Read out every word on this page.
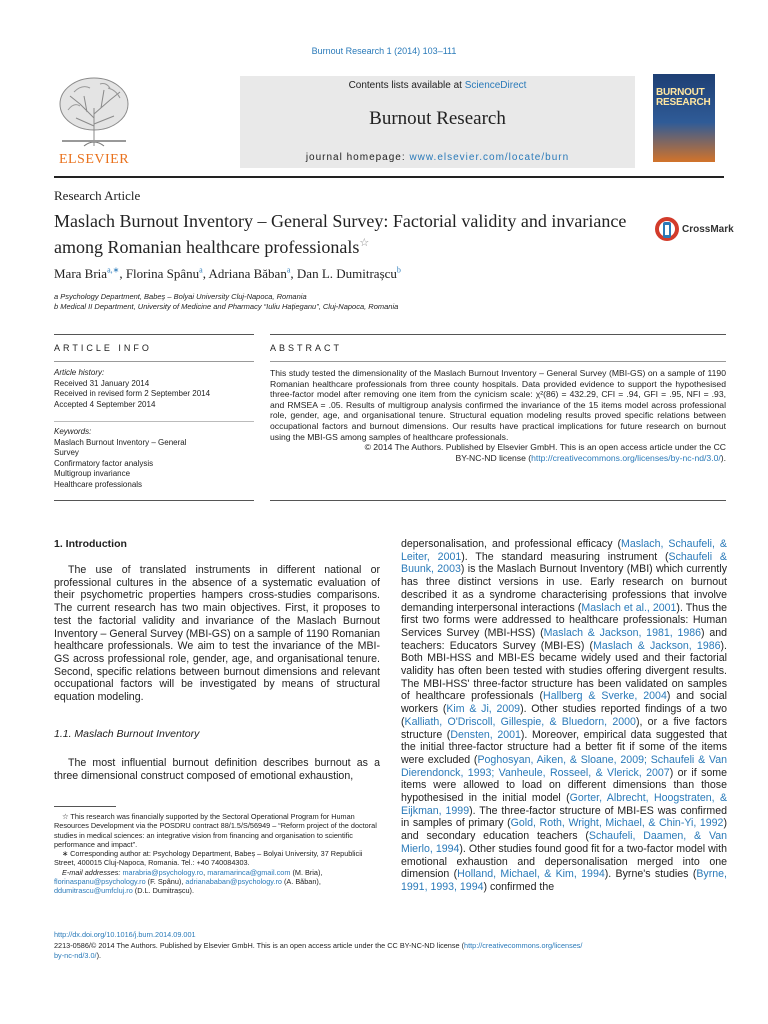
Burnout Research 1 (2014) 103–111
ELSEVIER
Contents lists available at ScienceDirect
Burnout Research
journal homepage: www.elsevier.com/locate/burn
BURNOUT RESEARCH
Research Article
Maslach Burnout Inventory – General Survey: Factorial validity and invariance among Romanian healthcare professionals☆
CrossMark
Mara Bria$^{a,∗}$, Florina Spânu$^a$, Adriana Băban$^a$, Dan L. Dumitrașcu$^b$
a Psychology Department, Babeș – Bolyai University Cluj-Napoca, Romania
b Medical II Department, University of Medicine and Pharmacy “Iuliu Hațieganu”, Cluj-Napoca, Romania
ARTICLE INFO	ABSTRACT
Article history:
Received 31 January 2014
Received in revised form 2 September 2014
Accepted 4 September 2014
Keywords:
Maslach Burnout Inventory – General
Survey
Confirmatory factor analysis
Multigroup invariance
Healthcare professionals
This study tested the dimensionality of the Maslach Burnout Inventory – General Survey (MBI-GS) on a sample of 1190 Romanian healthcare professionals from three county hospitals. Data provided evidence to support the hypothesised three-factor model after removing one item from the cynicism scale: χ²(86) = 432.29, CFI = .94, GFI = .95, NFI = .93, and RMSEA = .05. Results of multigroup analysis confirmed the invariance of the 15 items model across professional role, gender, age, and organisational tenure. Structural equation modeling results proved specific relations between occupational factors and burnout dimensions. Our results have practical implications for future research on burnout using the MBI-GS among samples of healthcare professionals.
© 2014 The Authors. Published by Elsevier GmbH. This is an open access article under the CC
BY-NC-ND license (http://creativecommons.org/licenses/by-nc-nd/3.0/).
1. Introduction

The use of translated instruments in different national or professional cultures in the absence of a systematic evaluation of their psychometric properties hampers cross-studies comparisons. The current research has two main objectives. First, it proposes to test the factorial validity and invariance of the Maslach Burnout Inventory – General Survey (MBI-GS) on a sample of 1190 Romanian healthcare professionals. We aim to test the invariance of the MBI-GS across professional role, gender, age, and organisational tenure. Second, specific relations between burnout dimensions and relevant occupational factors will be investigated by means of structural equation modeling.

1.1. Maslach Burnout Inventory

The most influential burnout definition describes burnout as a three dimensional construct composed of emotional exhaustion,

☆ This research was financially supported by the Sectoral Operational Program for Human Resources Development via the POSDRU contract 88/1.5/S/56949 – “Reform project of the doctoral studies in medical sciences: an integrative vision from financing and organisation to scientific performance and impact”.

∗ Corresponding author at: Psychology Department, Babeș – Bolyai University, 37 Republicii Street, 400015 Cluj-Napoca, Romania. Tel.: +40 740084303.

E-mail addresses: marabria@psychology.ro, maramarinca@gmail.com (M. Bria), florinaspanu@psychology.ro (F. Spânu), adrianababan@psychology.ro (A. Băban), ddumitrascu@umfcluj.ro (D.L. Dumitrașcu).

depersonalisation, and professional efficacy (Maslach, Schaufeli, & Leiter, 2001). The standard measuring instrument (Schaufeli & Buunk, 2003) is the Maslach Burnout Inventory (MBI) which currently has three distinct versions in use. Early research on burnout described it as a syndrome characterising professions that involve demanding interpersonal interactions (Maslach et al., 2001). Thus the first two forms were addressed to healthcare professionals: Human Services Survey (MBI-HSS) (Maslach & Jackson, 1981, 1986) and teachers: Educators Survey (MBI-ES) (Maslach & Jackson, 1986). Both MBI-HSS and MBI-ES became widely used and their factorial validity has often been tested with studies offering divergent results. The MBI-HSS' three-factor structure has been validated on samples of healthcare professionals (Hallberg & Sverke, 2004) and social workers (Kim & Ji, 2009). Other studies reported findings of a two (Kalliath, O'Driscoll, Gillespie, & Bluedorn, 2000), or a five factors structure (Densten, 2001). Moreover, empirical data suggested that the initial three-factor structure had a better fit if some of the items were excluded (Poghosyan, Aiken, & Sloane, 2009; Schaufeli & Van Dierendonck, 1993; Vanheule, Rosseel, & Vlerick, 2007) or if some items were allowed to load on different dimensions than those hypothesised in the initial model (Gorter, Albrecht, Hoogstraten, & Eijkman, 1999). The three-factor structure of MBI-ES was confirmed in samples of primary (Gold, Roth, Wright, Michael, & Chin-Yi, 1992) and secondary education teachers (Schaufeli, Daamen, & Van Mierlo, 1994). Other studies found good fit for a two-factor model with emotional exhaustion and depersonalisation merged into one dimension (Holland, Michael, & Kim, 1994). Byrne's studies (Byrne, 1991, 1993, 1994) confirmed the
http://dx.doi.org/10.1016/j.burn.2014.09.001
2213-0586/© 2014 The Authors. Published by Elsevier GmbH. This is an open access article under the CC BY-NC-ND license (http://creativecommons.org/licenses/
by-nc-nd/3.0/).
